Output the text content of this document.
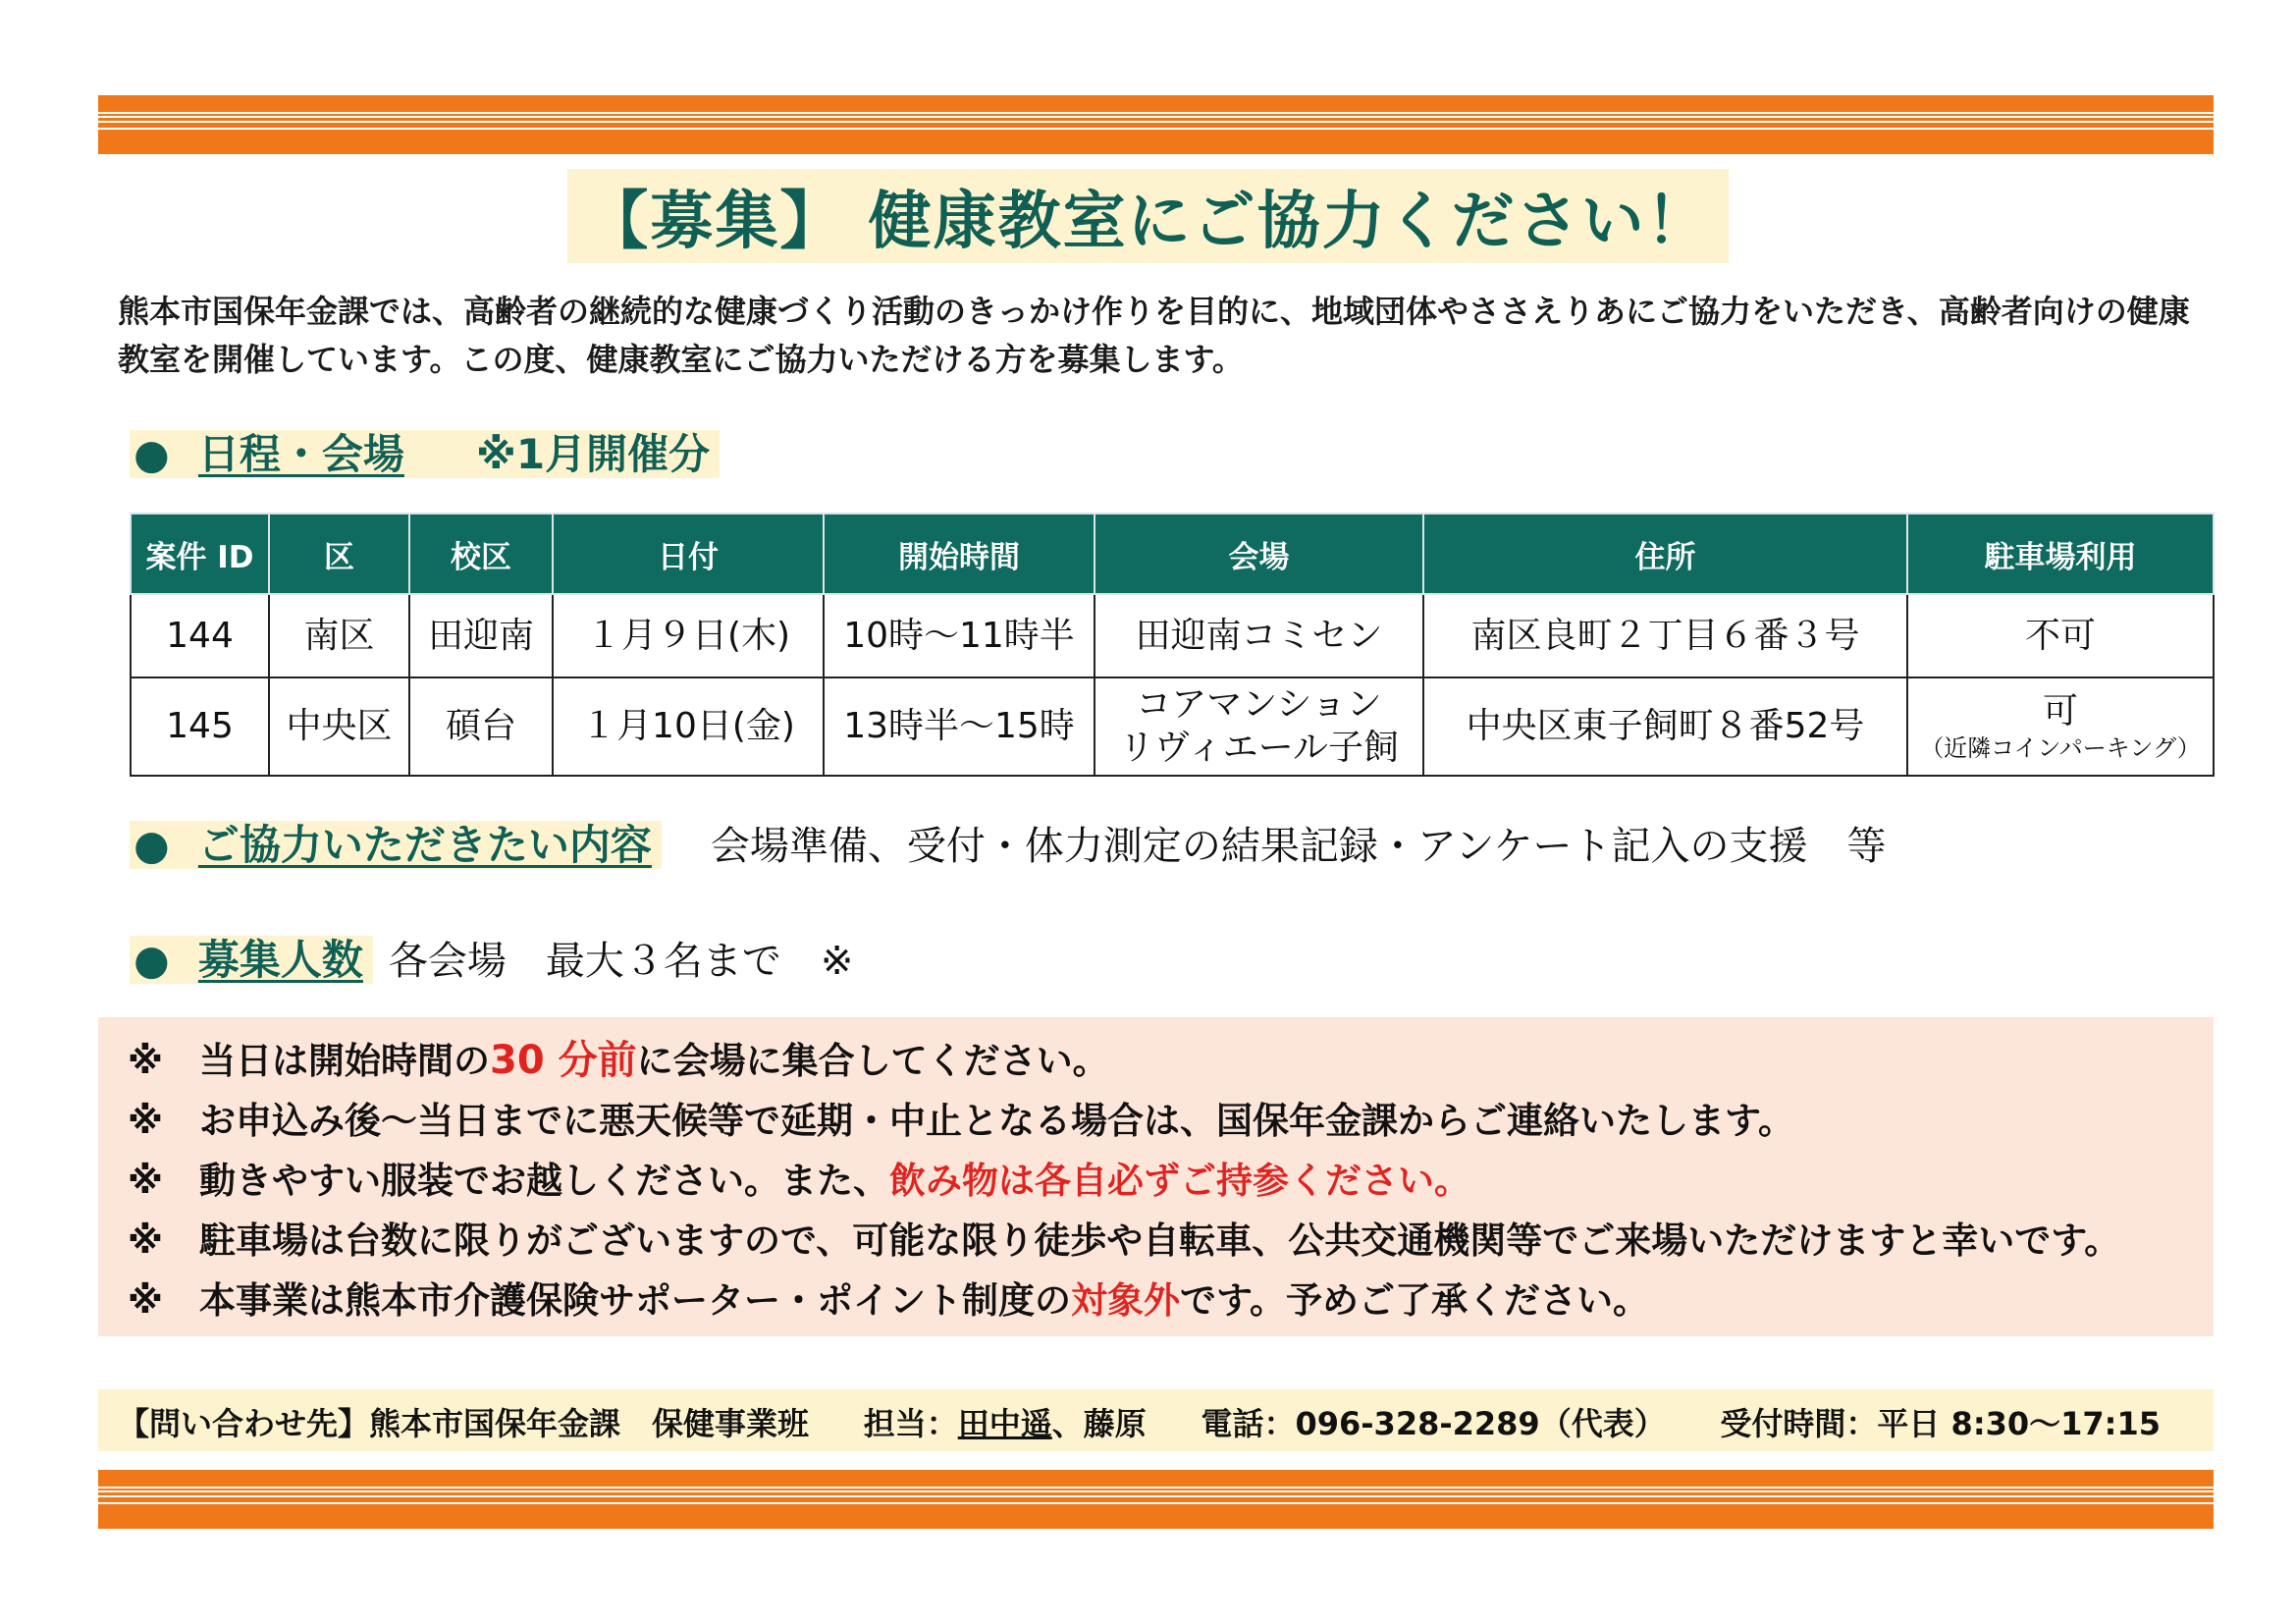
【募集】 健康教室にご協力ください！
熊本市国保年金課では、高齢者の継続的な健康づくり活動のきっかけ作りを目的に、地域団体やささえりあにご協力をいただき、高齢者向けの健康教室を開催しています。この度、健康教室にご協力いただける方を募集します。
● 日程・会場 ※1月開催分
案件 ID	区	校区	日付	開始時間	会場	住所	駐車場利用
144	南区	田迎南	１月９日(木)	10時～11時半	田迎南コミセン	南区良町２丁目６番３号	不可
145	中央区	碩台	１月10日(金)	13時半～15時	コアマンション
リヴィエール子飼	中央区東子飼町８番52号	可
（近隣コインパーキング）
● ご協力いただきたい内容 会場準備、受付・体力測定の結果記録・アンケート記入の支援　等
● 募集人数 各会場　最大３名まで　※
※　当日は開始時間の30 分前に会場に集合してください。
※　お申込み後～当日までに悪天候等で延期・中止となる場合は、国保年金課からご連絡いたします。
※　動きやすい服装でお越しください。また、飲み物は各自必ずご持参ください。
※　駐車場は台数に限りがございますので、可能な限り徒歩や自転車、公共交通機関等でご来場いただけますと幸いです。
※　本事業は熊本市介護保険サポーター・ポイント制度の対象外です。予めご了承ください。
【問い合わせ先】熊本市国保年金課　保健事業班 担当：田中遥、藤原 電話：096-328-2289（代表） 受付時間：平日 8:30～17:15
